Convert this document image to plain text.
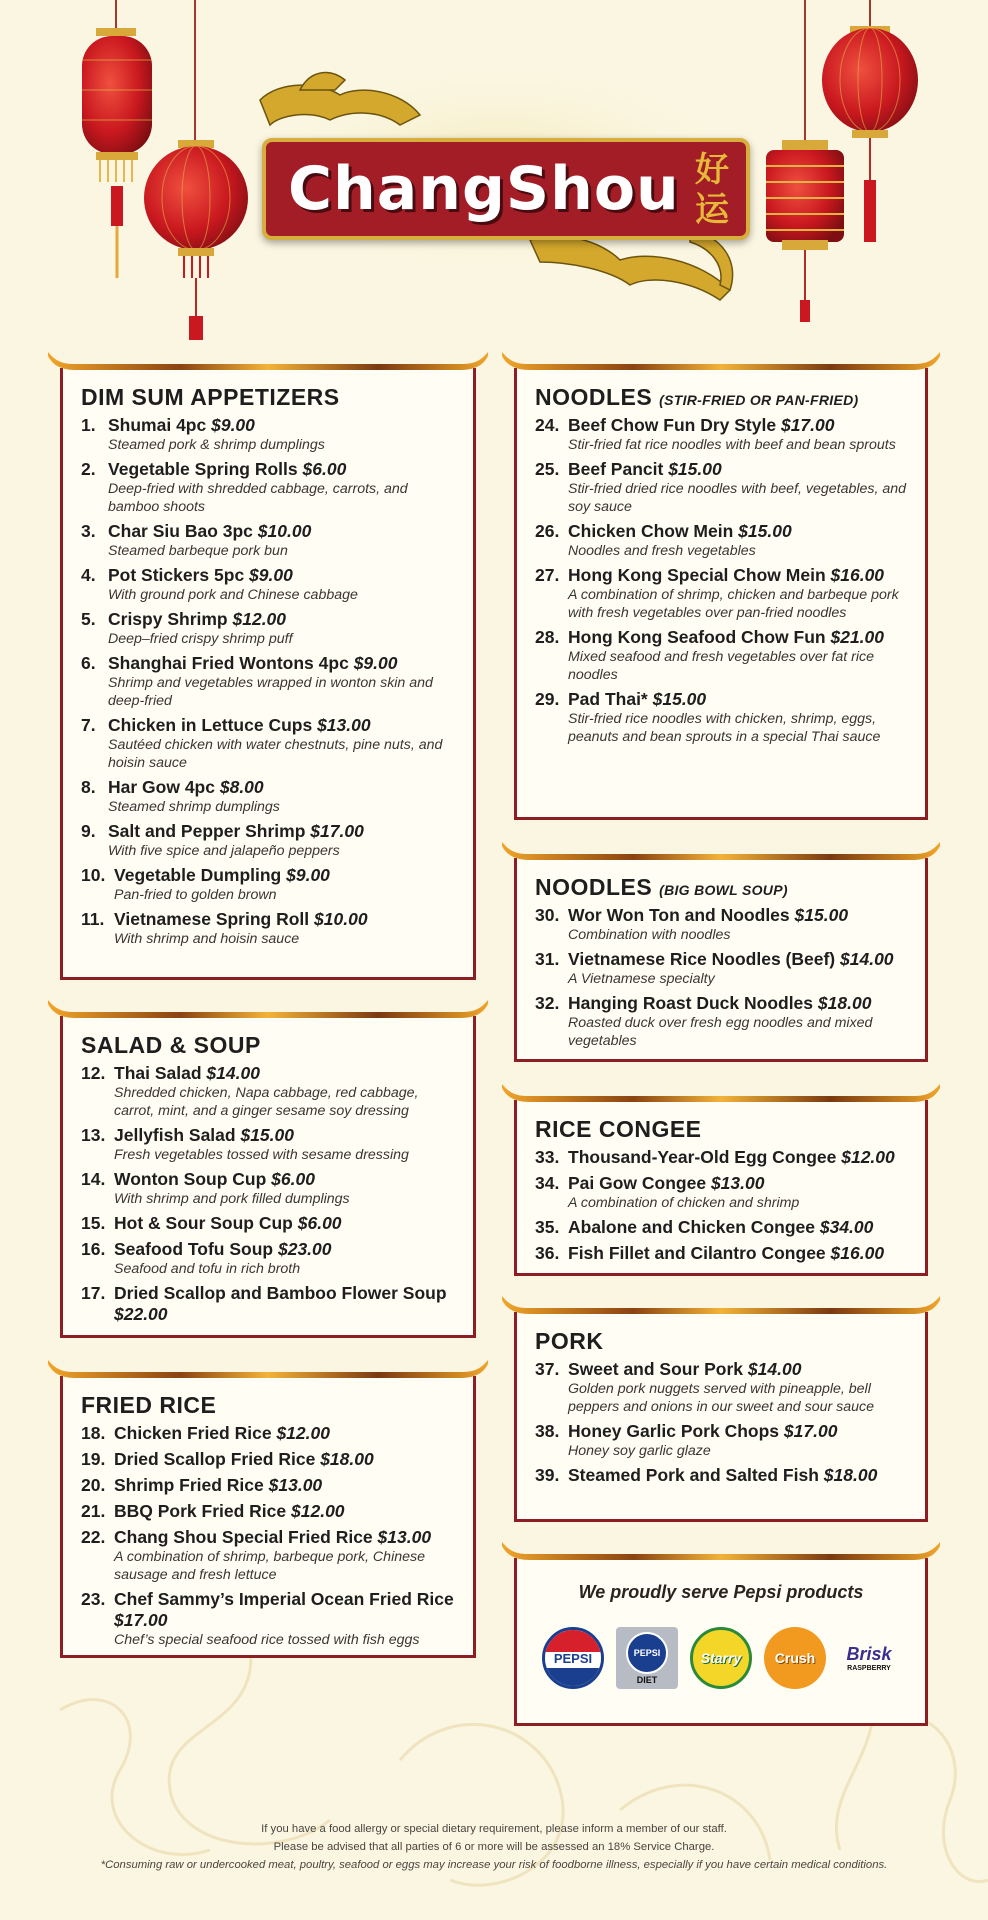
ChangShou 好运
DIM SUM APPETIZERS
1. Shumai 4pc $9.00
Steamed pork & shrimp dumplings
2. Vegetable Spring Rolls $6.00
Deep-fried with shredded cabbage, carrots, and bamboo shoots
3. Char Siu Bao 3pc $10.00
Steamed barbeque pork bun
4. Pot Stickers 5pc $9.00
With ground pork and Chinese cabbage
5. Crispy Shrimp $12.00
Deep–fried crispy shrimp puff
6. Shanghai Fried Wontons 4pc $9.00
Shrimp and vegetables wrapped in wonton skin and deep-fried
7. Chicken in Lettuce Cups $13.00
Sautéed chicken with water chestnuts, pine nuts, and hoisin sauce
8. Har Gow 4pc $8.00
Steamed shrimp dumplings
9. Salt and Pepper Shrimp $17.00
With five spice and jalapeño peppers
10. Vegetable Dumpling $9.00
Pan-fried to golden brown
11. Vietnamese Spring Roll $10.00
With shrimp and hoisin sauce
SALAD & SOUP
12. Thai Salad $14.00
Shredded chicken, Napa cabbage, red cabbage, carrot, mint, and a ginger sesame soy dressing
13. Jellyfish Salad $15.00
Fresh vegetables tossed with sesame dressing
14. Wonton Soup Cup $6.00
With shrimp and pork filled dumplings
15. Hot & Sour Soup Cup $6.00
16. Seafood Tofu Soup $23.00
Seafood and tofu in rich broth
17. Dried Scallop and Bamboo Flower Soup $22.00
FRIED RICE
18. Chicken Fried Rice $12.00
19. Dried Scallop Fried Rice $18.00
20. Shrimp Fried Rice $13.00
21. BBQ Pork Fried Rice $12.00
22. Chang Shou Special Fried Rice $13.00
A combination of shrimp, barbeque pork, Chinese sausage and fresh lettuce
23. Chef Sammy’s Imperial Ocean Fried Rice $17.00
Chef’s special seafood rice tossed with fish eggs
NOODLES (STIR-FRIED OR PAN-FRIED)
24. Beef Chow Fun Dry Style $17.00
Stir-fried fat rice noodles with beef and bean sprouts
25. Beef Pancit $15.00
Stir-fried dried rice noodles with beef, vegetables, and soy sauce
26. Chicken Chow Mein $15.00
Noodles and fresh vegetables
27. Hong Kong Special Chow Mein $16.00
A combination of shrimp, chicken and barbeque pork with fresh vegetables over pan-fried noodles
28. Hong Kong Seafood Chow Fun $21.00
Mixed seafood and fresh vegetables over fat rice noodles
29. Pad Thai* $15.00
Stir-fried rice noodles with chicken, shrimp, eggs, peanuts and bean sprouts in a special Thai sauce
NOODLES (BIG BOWL SOUP)
30. Wor Won Ton and Noodles $15.00
Combination with noodles
31. Vietnamese Rice Noodles (Beef) $14.00
A Vietnamese specialty
32. Hanging Roast Duck Noodles $18.00
Roasted duck over fresh egg noodles and mixed vegetables
RICE CONGEE
33. Thousand-Year-Old Egg Congee $12.00
34. Pai Gow Congee $13.00
A combination of chicken and shrimp
35. Abalone and Chicken Congee $34.00
36. Fish Fillet and Cilantro Congee $16.00
PORK
37. Sweet and Sour Pork $14.00
Golden pork nuggets served with pineapple, bell peppers and onions in our sweet and sour sauce
38. Honey Garlic Pork Chops $17.00
Honey soy garlic glaze
39. Steamed Pork and Salted Fish $18.00
We proudly serve Pepsi products
PEPSI	PEPSI
DIET
Starry Crush Brisk
RASPBERRY
If you have a food allergy or special dietary requirement, please inform a member of our staff.
Please be advised that all parties of 6 or more will be assessed an 18% Service Charge.
*Consuming raw or undercooked meat, poultry, seafood or eggs may increase your risk of foodborne illness, especially if you have certain medical conditions.
